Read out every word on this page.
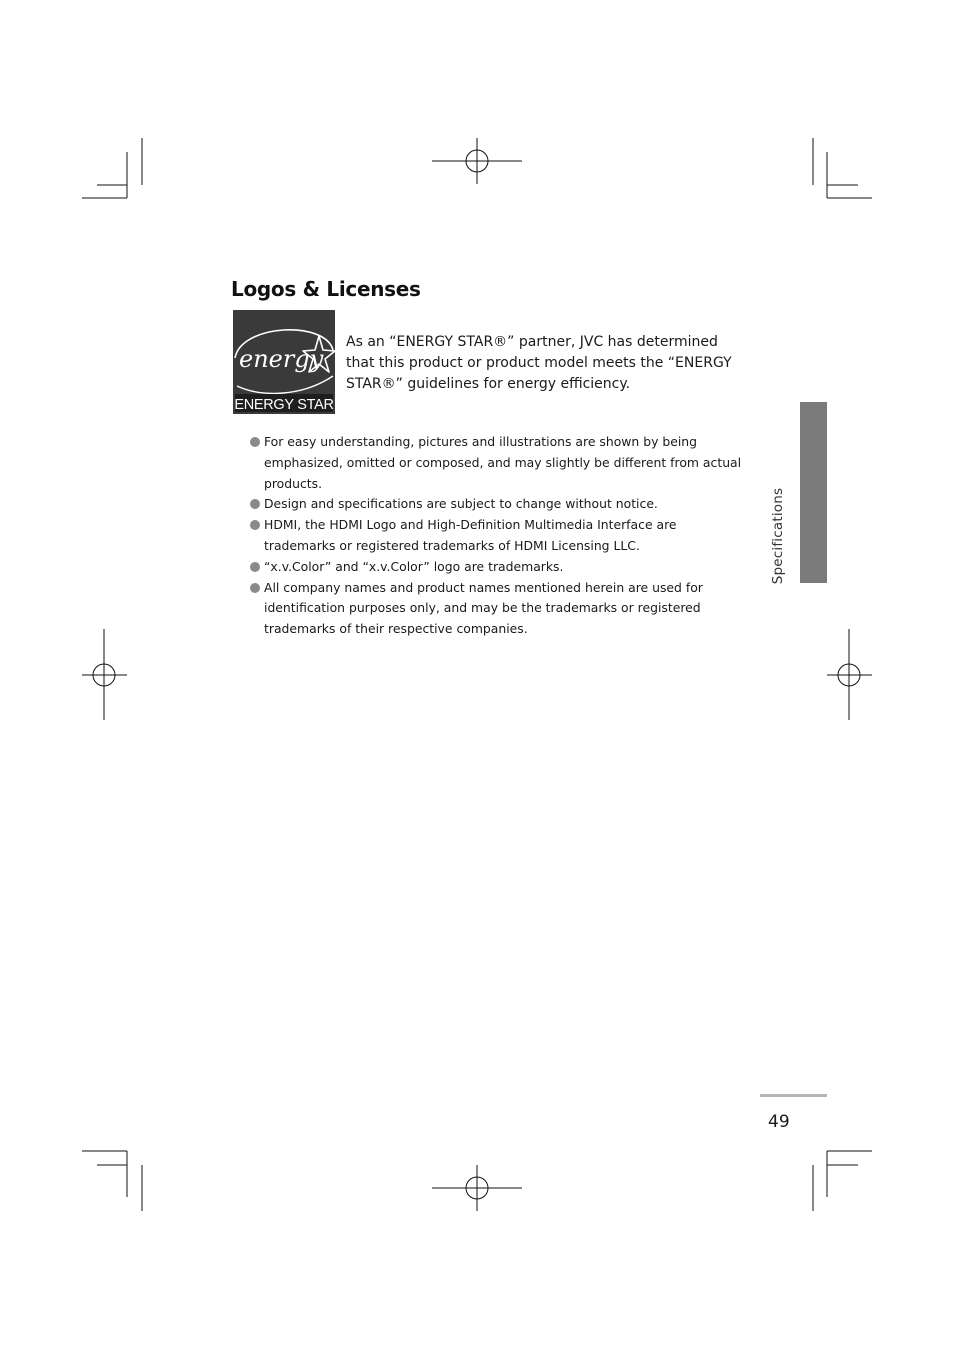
Logos & Licenses
energy
ENERGY STAR

As an “ENERGY STAR®” partner, JVC has determined that this product or product model meets the “ENERGY STAR®” guidelines for energy efficiency.

For easy understanding, pictures and illustrations are shown by being emphasized, omitted or composed, and may slightly be different from actual products.
Design and specifications are subject to change without notice.
HDMI, the HDMI Logo and High-Definition Multimedia Interface are trademarks or registered trademarks of HDMI Licensing LLC.
“x.v.Color” and “x.v.Color” logo are trademarks.
All company names and product names mentioned herein are used for identification purposes only, and may be the trademarks or registered trademarks of their respective companies.
Specifications
49
